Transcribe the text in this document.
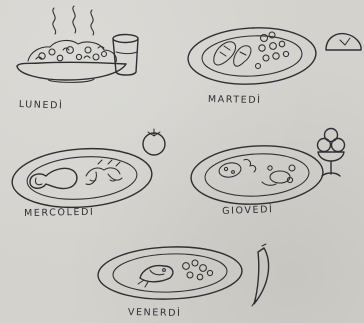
LUNEDÌ	MARTEDÌ
MERCOLEDÌ	GIOVEDÌ
VENERDÌ
